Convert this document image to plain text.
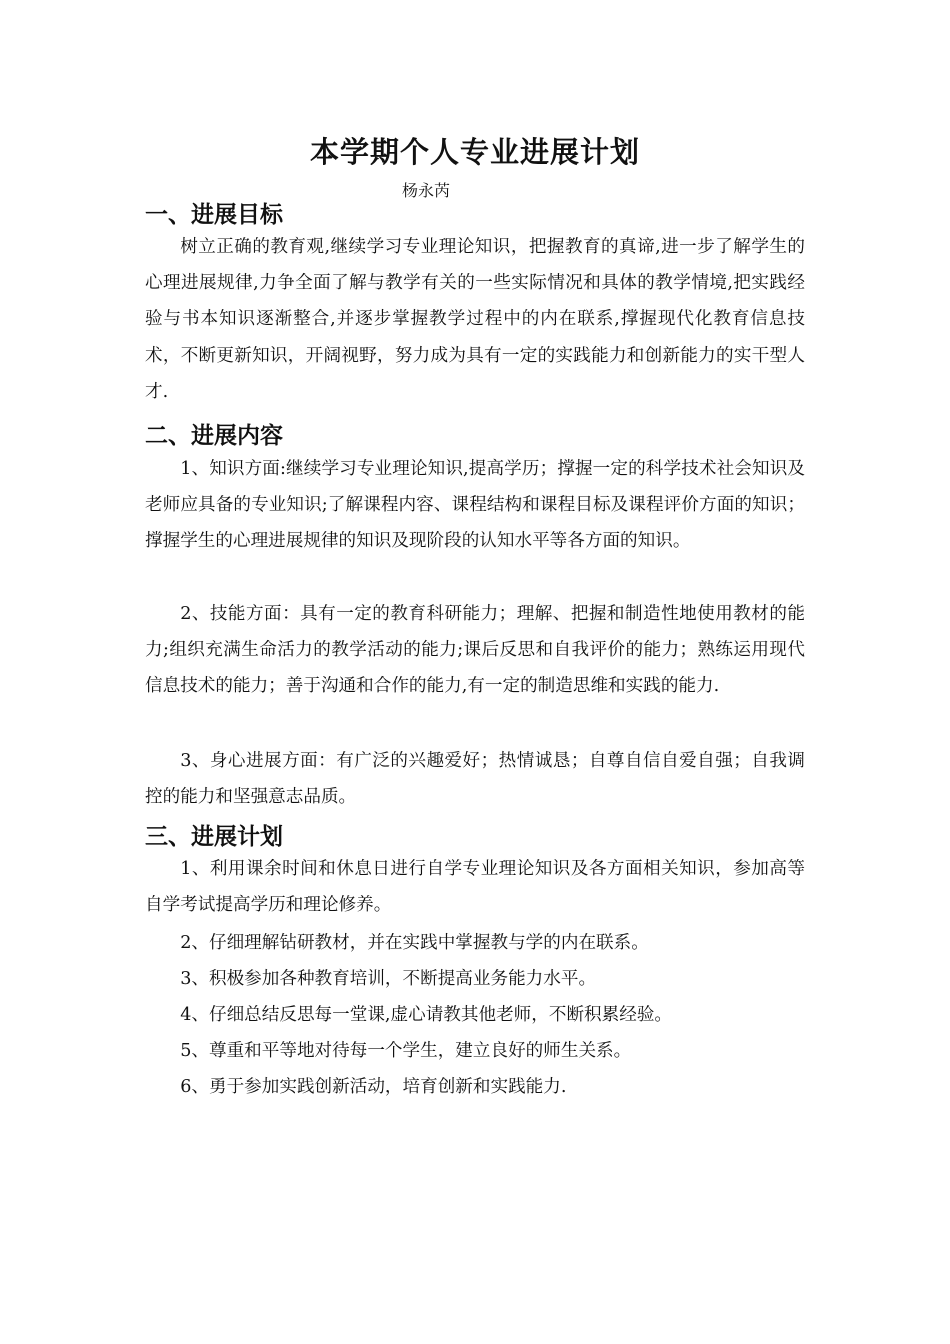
本学期个人专业进展计划
杨永芮
一、进展目标
树立正确的教育观,继续学习专业理论知识，把握教育的真谛,进一步了解学生的心理进展规律,力争全面了解与教学有关的一些实际情况和具体的教学情境,把实践经验与书本知识逐渐整合,并逐步掌握教学过程中的内在联系,撑握现代化教育信息技术，不断更新知识，开阔视野，努力成为具有一定的实践能力和创新能力的实干型人才.
二、进展内容
1、知识方面:继续学习专业理论知识,提高学历；撑握一定的科学技术社会知识及老师应具备的专业知识;了解课程内容、课程结构和课程目标及课程评价方面的知识；撑握学生的心理进展规律的知识及现阶段的认知水平等各方面的知识。
2、技能方面：具有一定的教育科研能力；理解、把握和制造性地使用教材的能力;组织充满生命活力的教学活动的能力;课后反思和自我评价的能力；熟练运用现代信息技术的能力；善于沟通和合作的能力,有一定的制造思维和实践的能力.
3、身心进展方面：有广泛的兴趣爱好；热情诚恳；自尊自信自爱自强；自我调控的能力和坚强意志品质。
三、进展计划
1、利用课余时间和休息日进行自学专业理论知识及各方面相关知识，参加高等自学考试提高学历和理论修养。
2、仔细理解钻研教材，并在实践中掌握教与学的内在联系。
3、积极参加各种教育培训，不断提高业务能力水平。
4、仔细总结反思每一堂课,虚心请教其他老师，不断积累经验。
5、尊重和平等地对待每一个学生，建立良好的师生关系。
6、勇于参加实践创新活动，培育创新和实践能力.
